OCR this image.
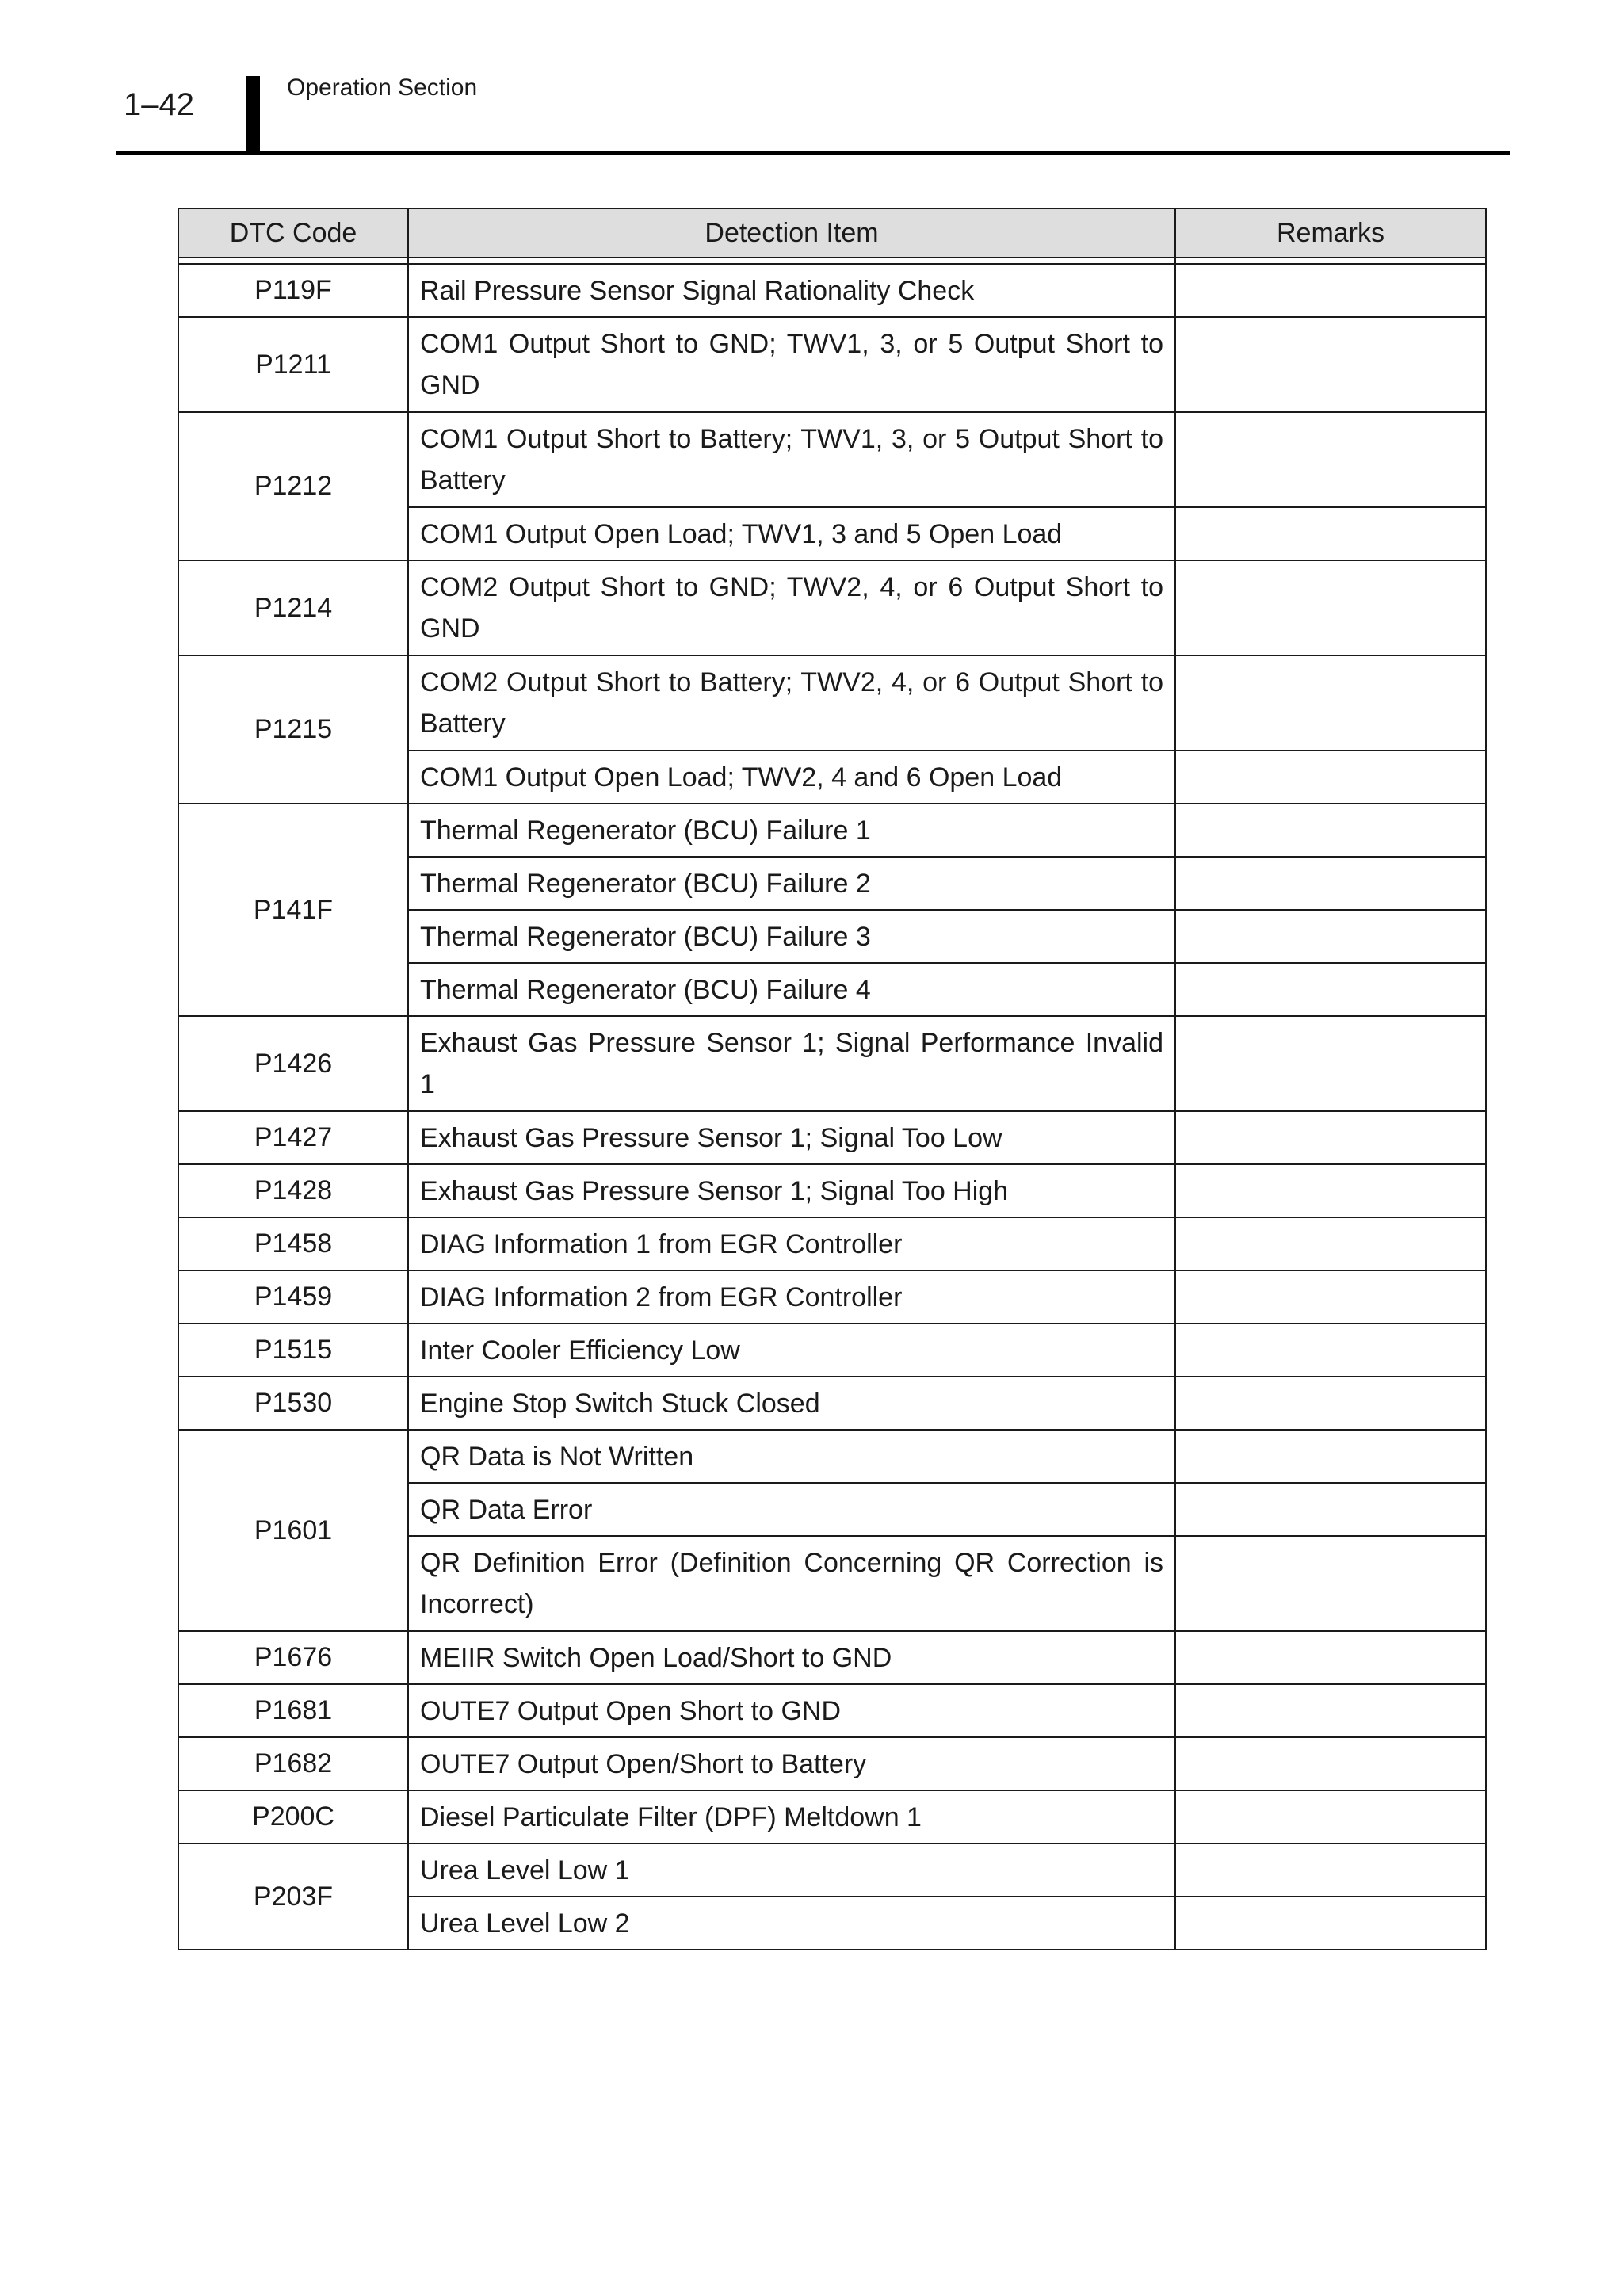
1–42	Operation Section
DTC Code	Detection Item	Remarks

P119F	Rail Pressure Sensor Signal Rationality Check	
P1211	COM1 Output Short to GND; TWV1, 3, or 5 Output Short to GND	
P1212	COM1 Output Short to Battery; TWV1, 3, or 5 Output Short to Battery	
	COM1 Output Open Load; TWV1, 3 and 5 Open Load	
P1214	COM2 Output Short to GND; TWV2, 4, or 6 Output Short to GND	
P1215	COM2 Output Short to Battery; TWV2, 4, or 6 Output Short to Battery	
	COM1 Output Open Load; TWV2, 4 and 6 Open Load	
P141F	Thermal Regenerator (BCU) Failure 1	
	Thermal Regenerator (BCU) Failure 2	
	Thermal Regenerator (BCU) Failure 3	
	Thermal Regenerator (BCU) Failure 4	
P1426	Exhaust Gas Pressure Sensor 1; Signal Performance Invalid 1	
P1427	Exhaust Gas Pressure Sensor 1; Signal Too Low	
P1428	Exhaust Gas Pressure Sensor 1; Signal Too High	
P1458	DIAG Information 1 from EGR Controller	
P1459	DIAG Information 2 from EGR Controller	
P1515	Inter Cooler Efficiency Low	
P1530	Engine Stop Switch Stuck Closed	
P1601	QR Data is Not Written	
	QR Data Error	
	QR Definition Error (Definition Concerning QR Correction is Incorrect)	
P1676	MEIIR Switch Open Load/Short to GND	
P1681	OUTE7 Output Open Short to GND	
P1682	OUTE7 Output Open/Short to Battery	
P200C	Diesel Particulate Filter (DPF) Meltdown 1	
P203F	Urea Level Low 1	
	Urea Level Low 2	
